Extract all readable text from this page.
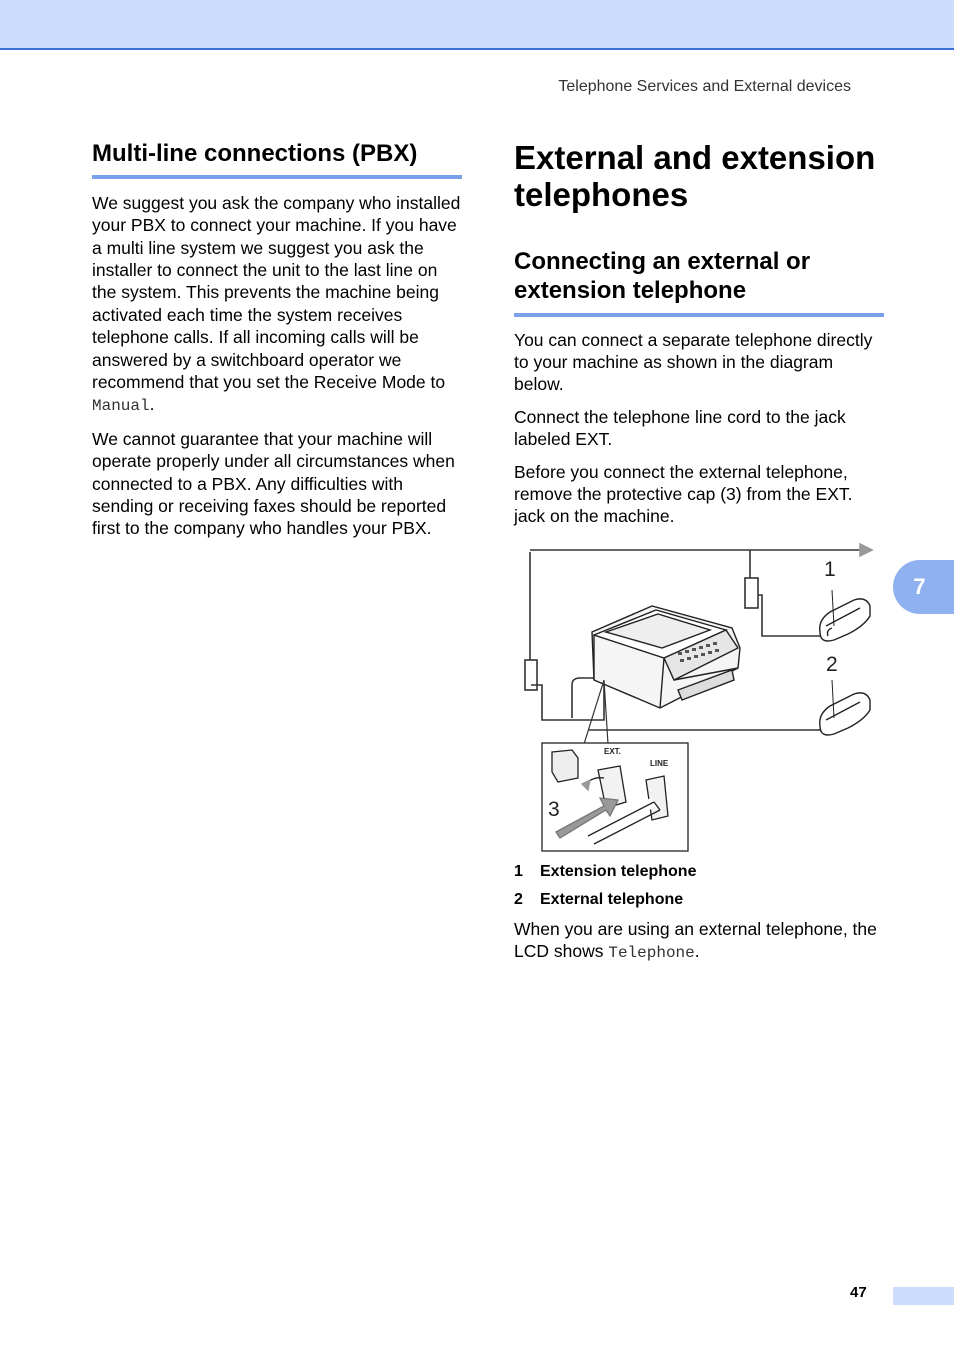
Telephone Services and External devices
Multi-line connections (PBX)

We suggest you ask the company who installed your PBX to connect your machine. If you have a multi line system we suggest you ask the installer to connect the unit to the last line on the system. This prevents the machine being activated each time the system receives telephone calls. If all incoming calls will be answered by a switchboard operator we recommend that you set the Receive Mode to Manual.

We cannot guarantee that your machine will operate properly under all circumstances when connected to a PBX. Any difficulties with sending or receiving faxes should be reported first to the company who handles your PBX.

External and extension telephones
Connecting an external or extension telephone

You can connect a separate telephone directly to your machine as shown in the diagram below.

Connect the telephone line cord to the jack labeled EXT.

Before you connect the external telephone, remove the protective cap (3) from the EXT. jack on the machine.

1
2
EXT.
LINE
3
1 Extension telephone
2 External telephone

When you are using an external telephone, the LCD shows Telephone.

7
47
